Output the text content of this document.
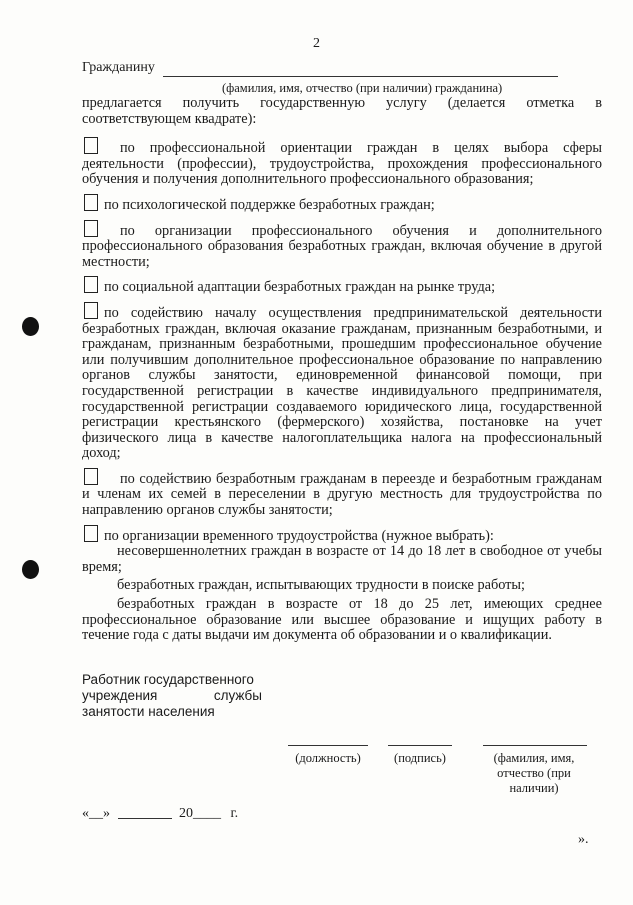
2
Гражданину
(фамилия, имя, отчество (при наличии) гражданина)

предлагается получить государственную услугу (делается отметка в соответствующем квадрате):

по профессиональной ориентации граждан в целях выбора сферы деятельности (профессии), трудоустройства, прохождения профессионального обучения и получения дополнительного профессионального образования;

по психологической поддержке безработных граждан;

по организации профессионального обучения и дополнительного профессионального образования безработных граждан, включая обучение в другой местности;

по социальной адаптации безработных граждан на рынке труда;

по содействию началу осуществления предпринимательской деятельности безработных граждан, включая оказание гражданам, признанным безработными, и гражданам, признанным безработными, прошедшим профессиональное обучение или получившим дополнительное профессиональное образование по направлению органов службы занятости, единовременной финансовой помощи, при государственной регистрации в качестве индивидуального предпринимателя, государственной регистрации создаваемого юридического лица, государственной регистрации крестьянского (фермерского) хозяйства, постановке на учет физического лица в качестве налогоплательщика налога на профессиональный доход;

по содействию безработным гражданам в переезде и безработным гражданам и членам их семей в переселении в другую местность для трудоустройства по направлению органов службы занятости;

по организации временного трудоустройства (нужное выбрать):

несовершеннолетних граждан в возрасте от 14 до 18 лет в свободное от учебы время;

безработных граждан, испытывающих трудности в поиске работы;

безработных граждан в возрасте от 18 до 25 лет, имеющих среднее профессиональное образование или высшее образование и ищущих работу в течение года с даты выдачи им документа об образовании и о квалификации.

Работник государственного
учреждения	службы
занятости населения
(должность)	(подпись)	(фамилия, имя, отчество (при наличии)
«__»	20____ г.
».
